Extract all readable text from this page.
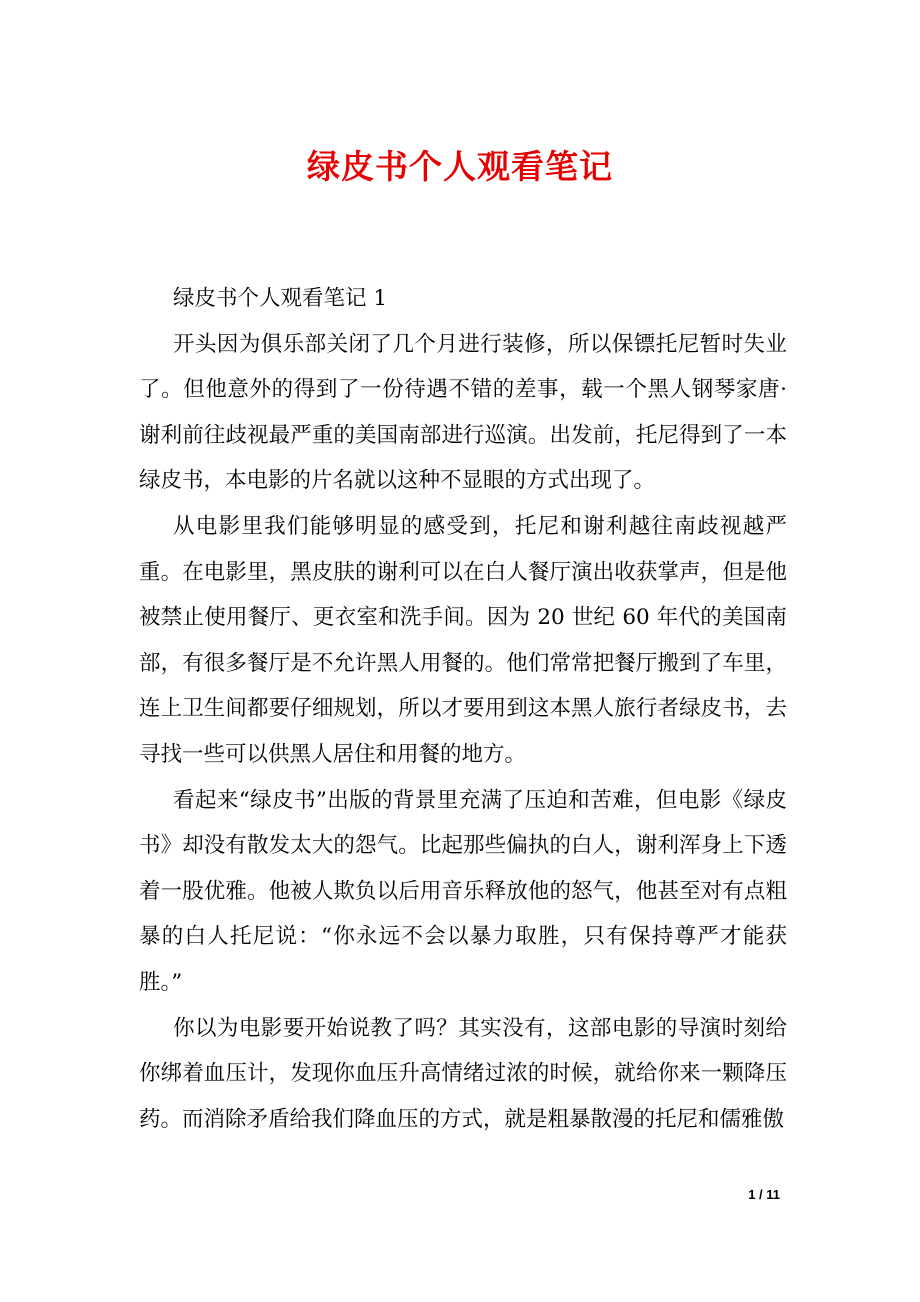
绿皮书个人观看笔记

绿皮书个人观看笔记 1

开头因为俱乐部关闭了几个月进行装修，所以保镖托尼暂时失业了。但他意外的得到了一份待遇不错的差事，载一个黑人钢琴家唐·谢利前往歧视最严重的美国南部进行巡演。出发前，托尼得到了一本绿皮书，本电影的片名就以这种不显眼的方式出现了。

从电影里我们能够明显的感受到，托尼和谢利越往南歧视越严重。在电影里，黑皮肤的谢利可以在白人餐厅演出收获掌声，但是他被禁止使用餐厅、更衣室和洗手间。因为 20 世纪 60 年代的美国南部，有很多餐厅是不允许黑人用餐的。他们常常把餐厅搬到了车里，连上卫生间都要仔细规划，所以才要用到这本黑人旅行者绿皮书，去寻找一些可以供黑人居住和用餐的地方。

看起来“绿皮书”出版的背景里充满了压迫和苦难，但电影《绿皮书》却没有散发太大的怨气。比起那些偏执的白人，谢利浑身上下透着一股优雅。他被人欺负以后用音乐释放他的怒气，他甚至对有点粗暴的白人托尼说：“你永远不会以暴力取胜，只有保持尊严才能获胜。”

你以为电影要开始说教了吗？其实没有，这部电影的导演时刻给你绑着血压计，发现你血压升高情绪过浓的时候，就给你来一颗降压药。而消除矛盾给我们降血压的方式，就是粗暴散漫的托尼和儒雅傲

1 / 11
